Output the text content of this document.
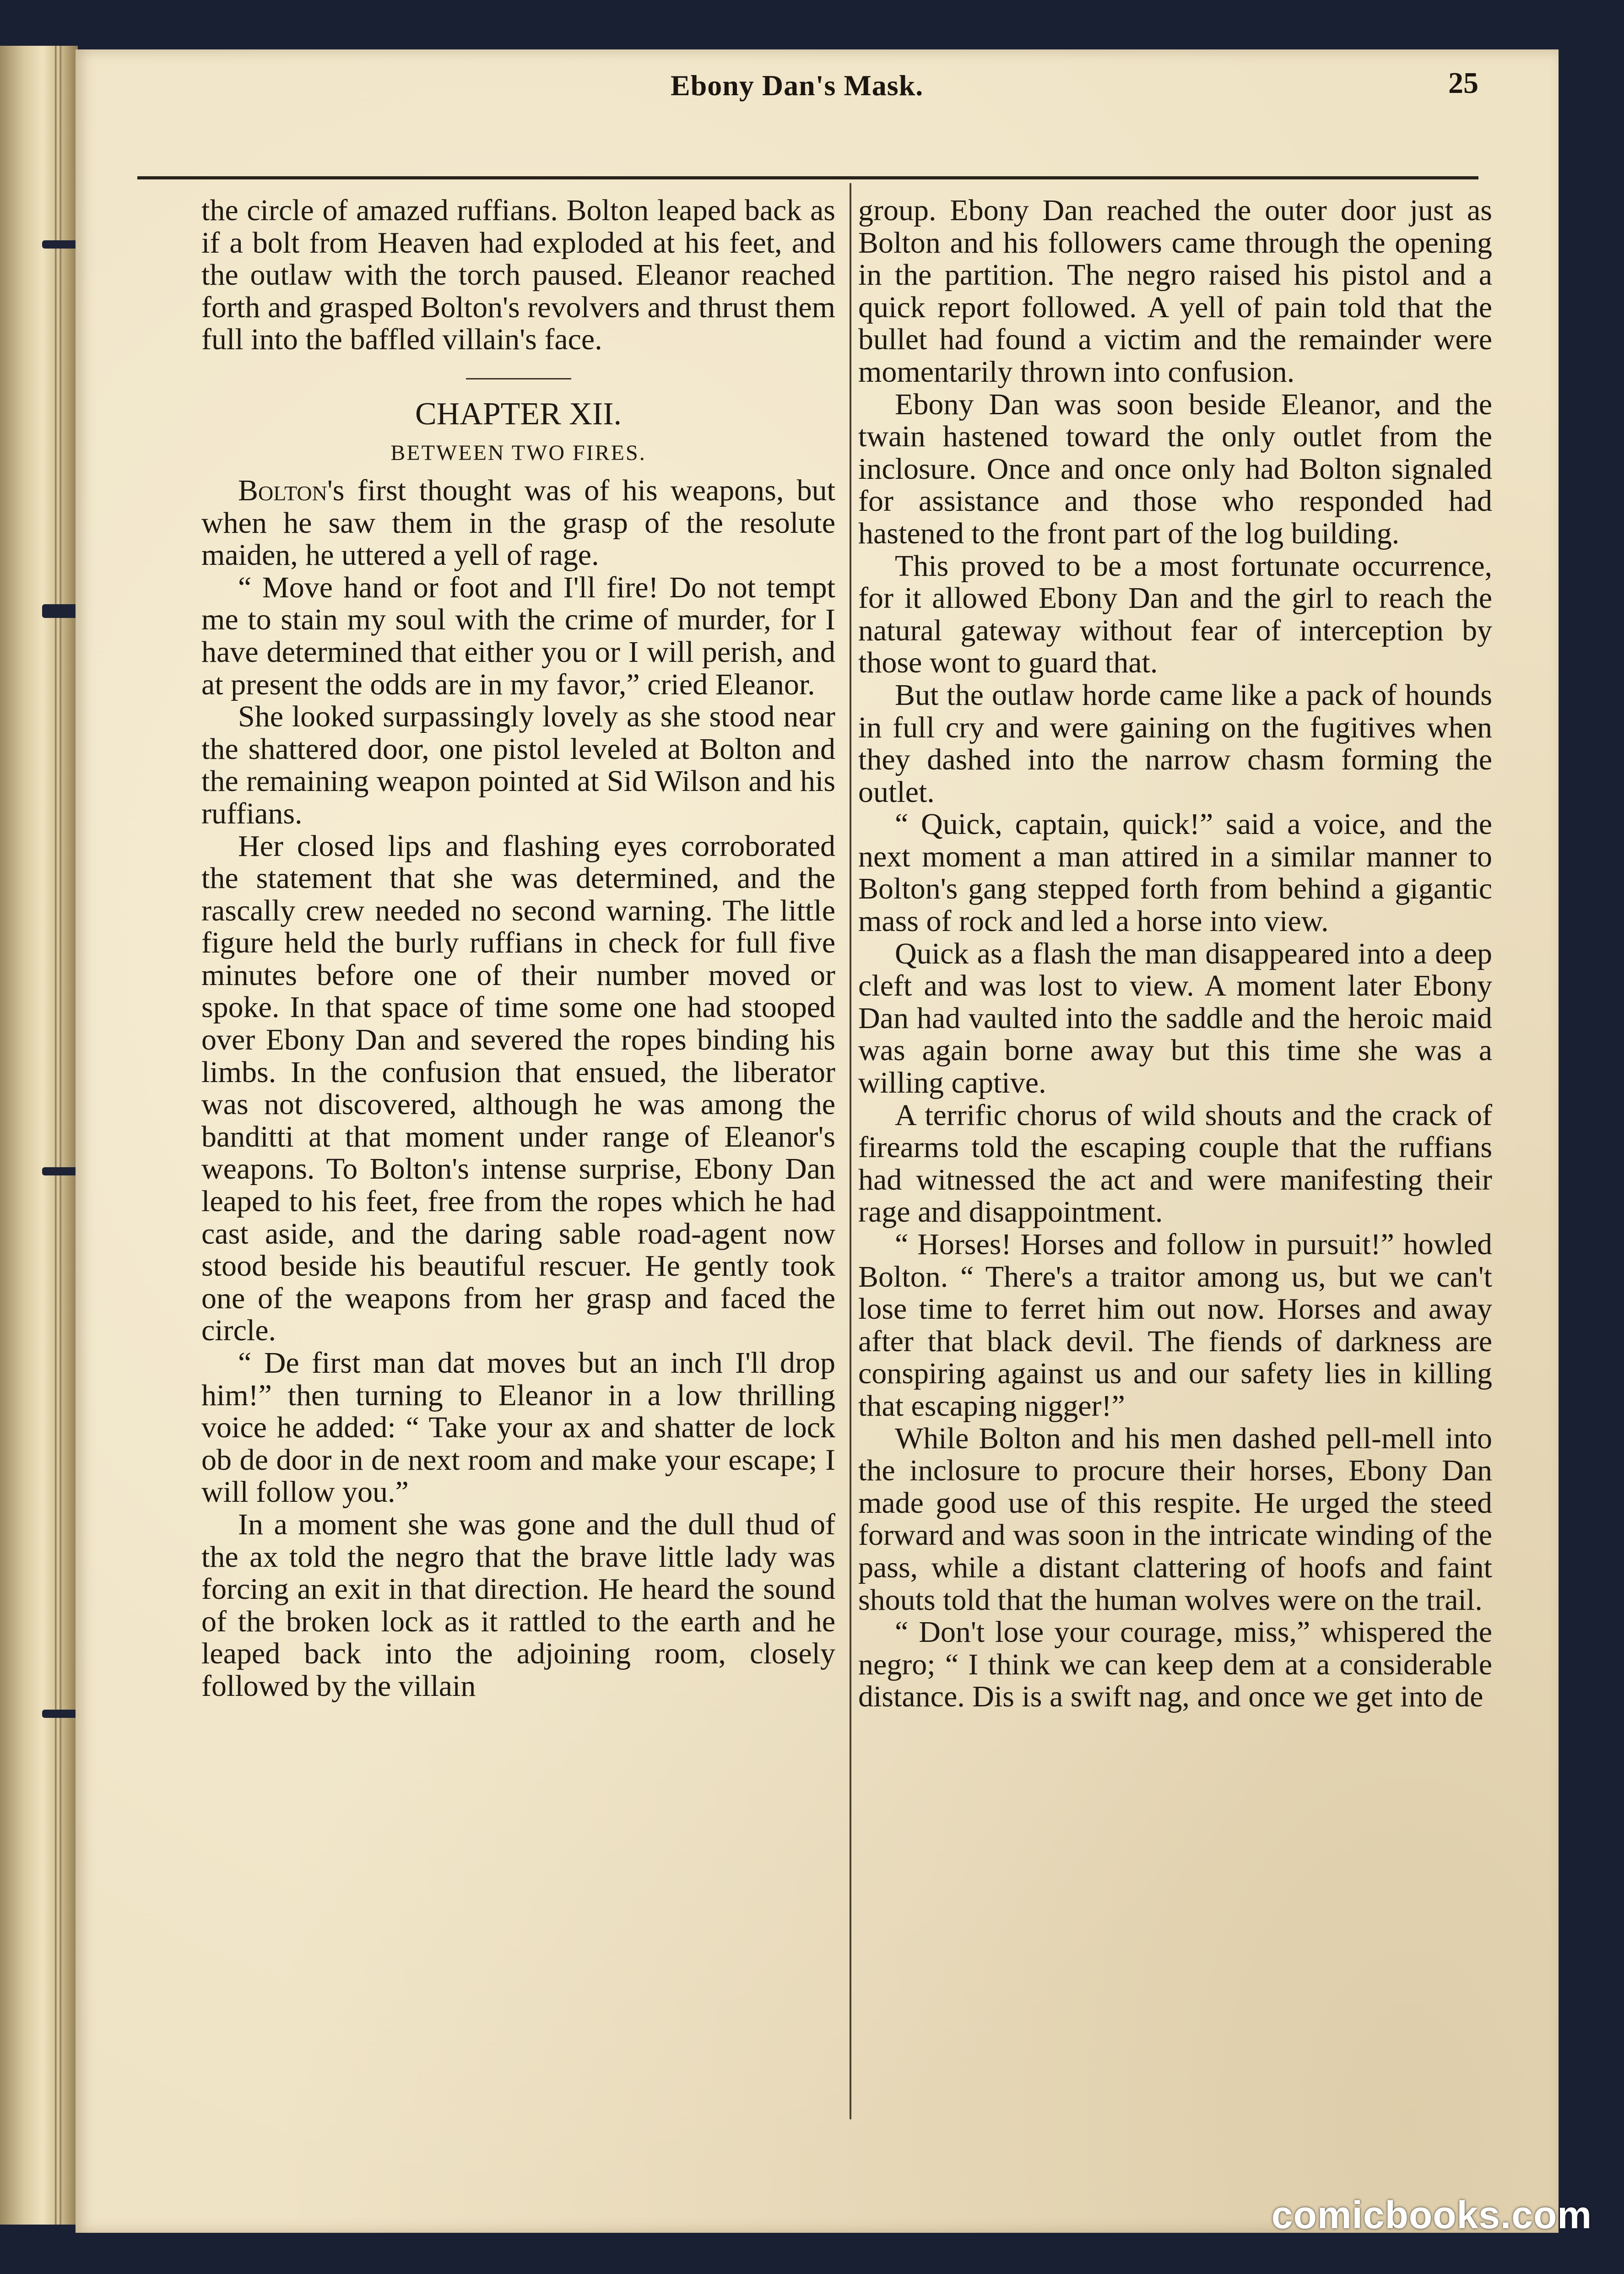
Ebony Dan's Mask.	25

the circle of amazed ruffians. Bolton leaped back as if a bolt from Heaven had exploded at his feet, and the outlaw with the torch paused. Eleanor reached forth and grasped Bolton's revolvers and thrust them full into the baffled villain's face.

CHAPTER XII.
BETWEEN TWO FIRES.

Bolton's first thought was of his weapons, but when he saw them in the grasp of the resolute maiden, he uttered a yell of rage.

“ Move hand or foot and I'll fire! Do not tempt me to stain my soul with the crime of murder, for I have determined that either you or I will perish, and at present the odds are in my favor,” cried Eleanor.

She looked surpassingly lovely as she stood near the shattered door, one pistol leveled at Bolton and the remaining weapon pointed at Sid Wilson and his ruffians.

Her closed lips and flashing eyes corroborated the statement that she was determined, and the rascally crew needed no second warning. The little figure held the burly ruffians in check for full five minutes before one of their number moved or spoke. In that space of time some one had stooped over Ebony Dan and severed the ropes binding his limbs. In the confusion that ensued, the liberator was not discovered, although he was among the banditti at that moment under range of Eleanor's weapons. To Bolton's intense surprise, Ebony Dan leaped to his feet, free from the ropes which he had cast aside, and the daring sable road-agent now stood beside his beautiful rescuer. He gently took one of the weapons from her grasp and faced the circle.

“ De first man dat moves but an inch I'll drop him!” then turning to Eleanor in a low thrilling voice he added: “ Take your ax and shatter de lock ob de door in de next room and make your escape; I will follow you.”

In a moment she was gone and the dull thud of the ax told the negro that the brave little lady was forcing an exit in that direction. He heard the sound of the broken lock as it rattled to the earth and he leaped back into the adjoining room, closely followed by the villain

group. Ebony Dan reached the outer door just as Bolton and his followers came through the opening in the partition. The negro raised his pistol and a quick report followed. A yell of pain told that the bullet had found a victim and the remainder were momentarily thrown into confusion.

Ebony Dan was soon beside Eleanor, and the twain hastened toward the only outlet from the inclosure. Once and once only had Bolton signaled for assistance and those who responded had hastened to the front part of the log building.

This proved to be a most fortunate occurrence, for it allowed Ebony Dan and the girl to reach the natural gateway without fear of interception by those wont to guard that.

But the outlaw horde came like a pack of hounds in full cry and were gaining on the fugitives when they dashed into the narrow chasm forming the outlet.

“ Quick, captain, quick!” said a voice, and the next moment a man attired in a similar manner to Bolton's gang stepped forth from behind a gigantic mass of rock and led a horse into view.

Quick as a flash the man disappeared into a deep cleft and was lost to view. A moment later Ebony Dan had vaulted into the saddle and the heroic maid was again borne away but this time she was a willing captive.

A terrific chorus of wild shouts and the crack of firearms told the escaping couple that the ruffians had witnessed the act and were manifesting their rage and disappointment.

“ Horses! Horses and follow in pursuit!” howled Bolton. “ There's a traitor among us, but we can't lose time to ferret him out now. Horses and away after that black devil. The fiends of darkness are conspiring against us and our safety lies in killing that escaping nigger!”

While Bolton and his men dashed pell-mell into the inclosure to procure their horses, Ebony Dan made good use of this respite. He urged the steed forward and was soon in the intricate winding of the pass, while a distant clattering of hoofs and faint shouts told that the human wolves were on the trail.

“ Don't lose your courage, miss,” whispered the negro; “ I think we can keep dem at a considerable distance. Dis is a swift nag, and once we get into de

comicbooks.com
